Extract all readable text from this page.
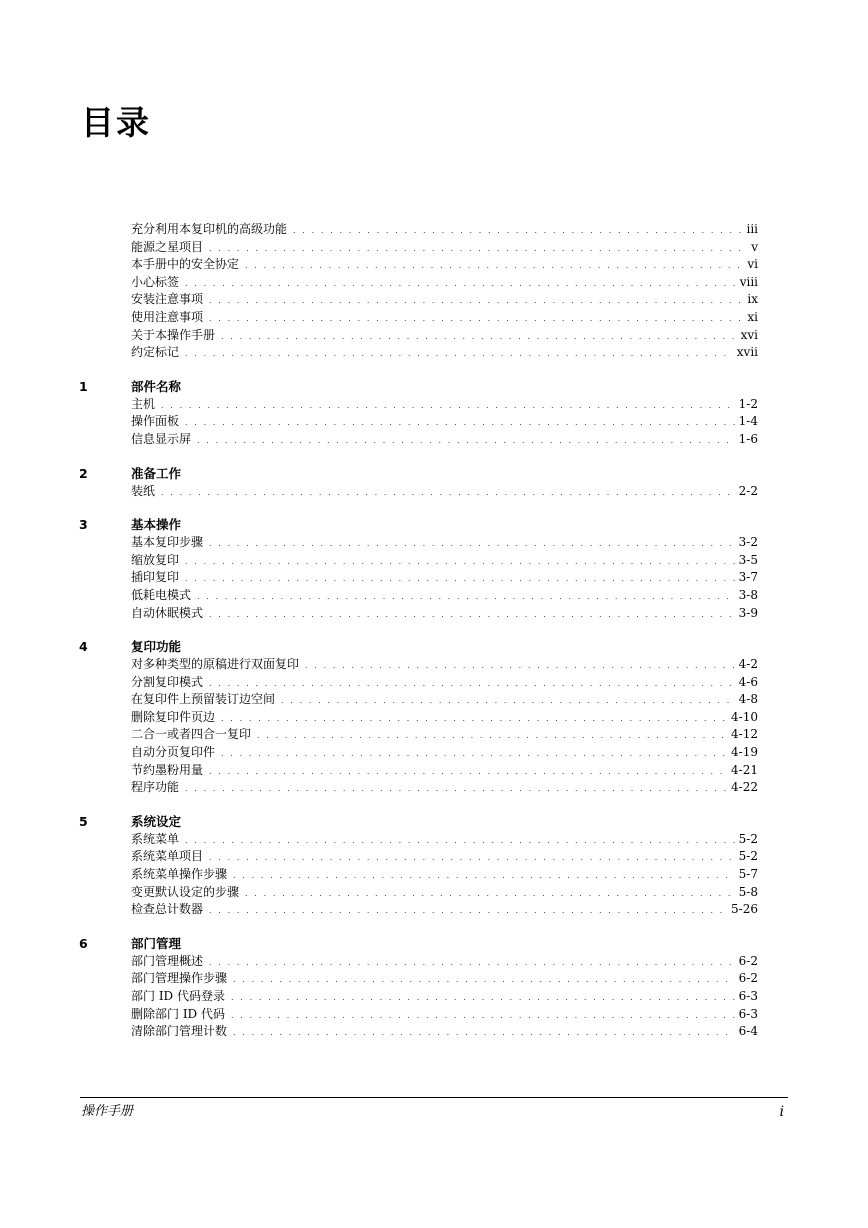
目录
充分利用本复印机的高级功能 . . .	iii
能源之星项目 . . .	v
本手册中的安全协定 . . .	vi
小心标签 . . .	viii
安装注意事项 . . .	ix
使用注意事项 . . .	xi
关于本操作手册 . . .	xvi
约定标记 . . .	xvii
1	部件名称
主机 . . .	1-2
操作面板 . . .	1-4
信息显示屏 . . .	1-6
2	准备工作
装纸 . . .	2-2
3	基本操作
基本复印步骤 . . .	3-2
缩放复印 . . .	3-5
插印复印 . . .	3-7
低耗电模式 . . .	3-8
自动休眠模式 . . .	3-9
4	复印功能
对多种类型的原稿进行双面复印 . . .	4-2
分割复印模式 . . .	4-6
在复印件上预留装订边空间 . . .	4-8
删除复印件页边 . . .	4-10
二合一或者四合一复印 . . .	4-12
自动分页复印件 . . .	4-19
节约墨粉用量 . . .	4-21
程序功能 . . .	4-22
5	系统设定
系统菜单 . . .	5-2
系统菜单项目 . . .	5-2
系统菜单操作步骤 . . .	5-7
变更默认设定的步骤 . . .	5-8
检查总计数器 . . .	5-26
6	部门管理
部门管理概述 . . .	6-2
部门管理操作步骤 . . .	6-2
部门 ID 代码登录 . . .	6-3
删除部门 ID 代码 . . .	6-3
清除部门管理计数 . . .	6-4
操作手册	i
